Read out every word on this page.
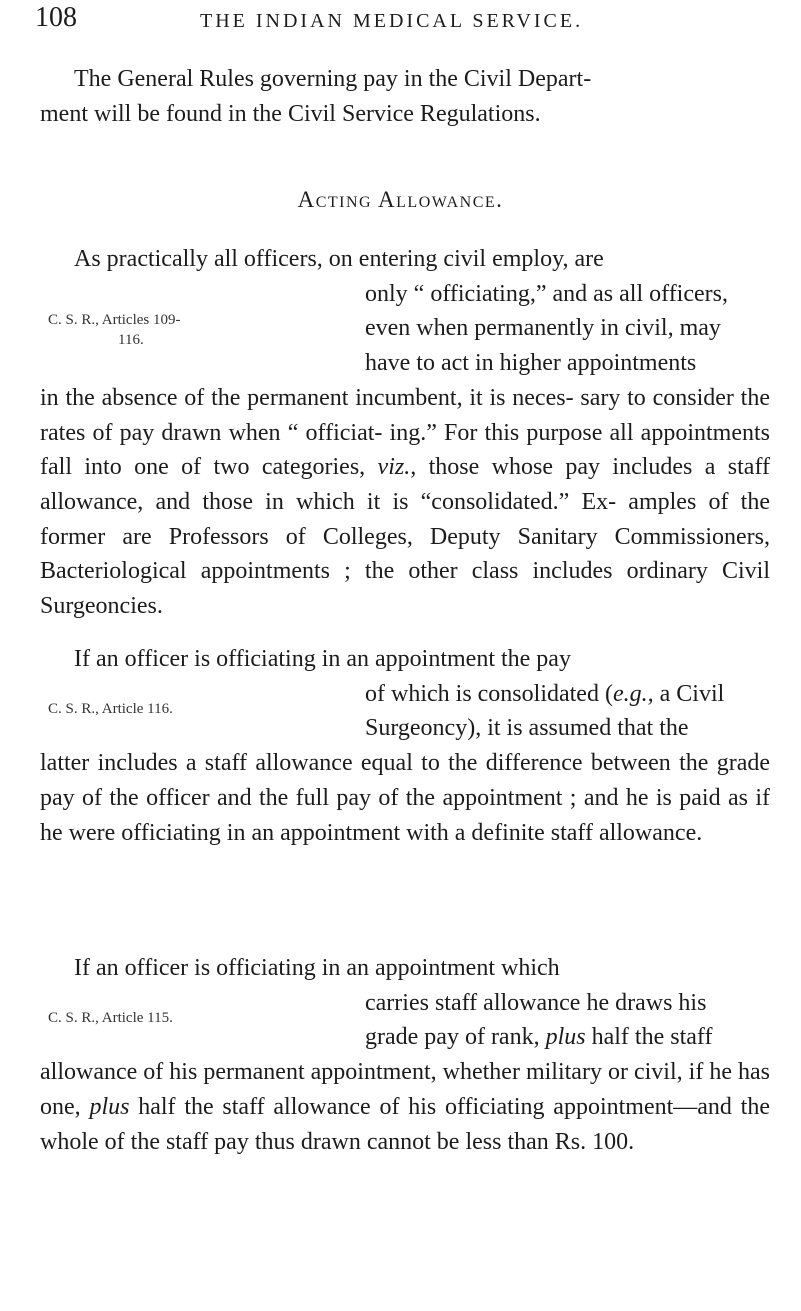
108	THE INDIAN MEDICAL SERVICE.

The General Rules governing pay in the Civil Depart-
ment will be found in the Civil Service Regulations.

Acting Allowance.
C. S. R., Articles 109-
116.

As practically all officers, on entering civil employ, are
only “ officiating,” and as all officers,
even when permanently in civil, may
have to act in higher appointments
in the absence of the permanent incumbent, it is neces- sary to consider the rates of pay drawn when “ officiat- ing.” For this purpose all appointments fall into one of two categories, viz., those whose pay includes a staff allowance, and those in which it is “consolidated.” Ex- amples of the former are Professors of Colleges, Deputy Sanitary Commissioners, Bacteriological appointments ; the other class includes ordinary Civil Surgeoncies.

C. S. R., Article 116.

If an officer is officiating in an appointment the pay
of which is consolidated (e.g., a Civil
Surgeoncy), it is assumed that the
latter includes a staff allowance equal to the difference between the grade pay of the officer and the full pay of the appointment ; and he is paid as if he were officiating in an appointment with a definite staff allowance.

C. S. R., Article 115.

If an officer is officiating in an appointment which
carries staff allowance he draws his
grade pay of rank, plus half the staff
allowance of his permanent appointment, whether military or civil, if he has one, plus half the staff allowance of his officiating appointment—and the whole of the staff pay thus drawn cannot be less than Rs. 100.
